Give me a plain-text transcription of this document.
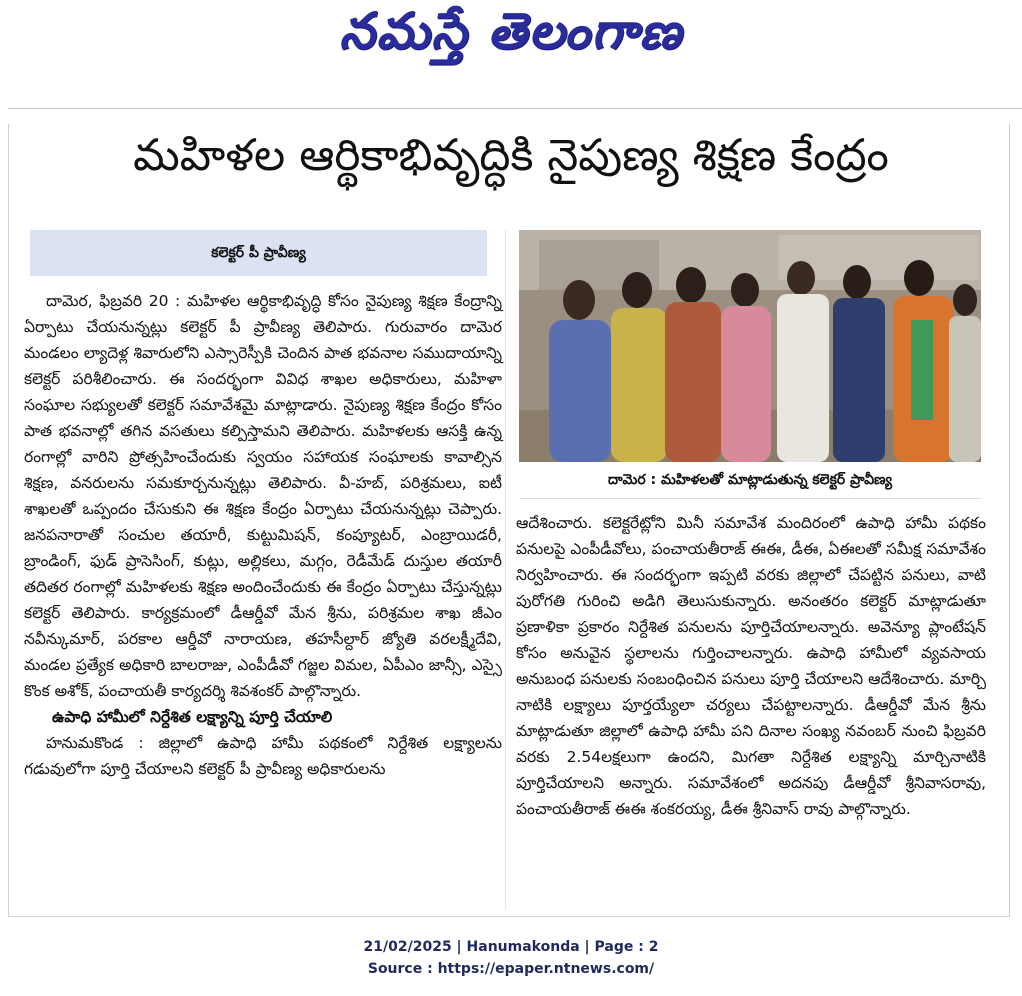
నమస్తే తెలంగాణ
మహిళల ఆర్థికాభివృద్ధికి నైపుణ్య శిక్షణ కేంద్రం
కలెక్టర్ పీ ప్రావీణ్య

దామెర, ఫిబ్రవరి 20 : మహిళల ఆర్థికాభివృద్ధి కోసం నైపుణ్య శిక్షణ కేంద్రాన్ని ఏర్పాటు చేయనున్నట్లు కలెక్టర్ పీ ప్రావీణ్య తెలిపారు. గురువారం దామెర మండలం ల్యాదెళ్ల శివారులోని ఎస్సారెస్పీకి చెందిన పాత భవనాల సముదాయాన్ని కలెక్టర్ పరిశీలించారు. ఈ సందర్భంగా వివిధ శాఖల అధికారులు, మహిళా సంఘాల సభ్యులతో కలెక్టర్ సమావేశమై మాట్లాడారు. నైపుణ్య శిక్షణ కేంద్రం కోసం పాత భవనాల్లో తగిన వసతులు కల్పిస్తామని తెలిపారు. మహిళలకు ఆసక్తి ఉన్న రంగాల్లో వారిని ప్రోత్సహించేందుకు స్వయం సహాయక సంఘాలకు కావాల్సిన శిక్షణ, వనరులను సమకూర్చనున్నట్లు తెలిపారు. వీ-హబ్, పరిశ్రమలు, ఐటీ శాఖలతో ఒప్పందం చేసుకుని ఈ శిక్షణ కేంద్రం ఏర్పాటు చేయనున్నట్లు చెప్పారు. జనపనారాతో సంచుల తయారీ, కుట్టుమిషన్, కంప్యూటర్, ఎంబ్రాయిడరీ, బ్రాండింగ్, ఫుడ్ ప్రాసెసింగ్, కుట్లు, అల్లికలు, మగ్గం, రెడీమేడ్ దుస్తుల తయారీ తదితర రంగాల్లో మహిళలకు శిక్షణ అందించేందుకు ఈ కేంద్రం ఏర్పాటు చేస్తున్నట్లు కలెక్టర్ తెలిపారు. కార్యక్రమంలో డీఆర్డీవో మేన శ్రీను, పరిశ్రమల శాఖ జీఎం నవీన్కుమార్, పరకాల ఆర్డీవో నారాయణ, తహసీల్దార్ జ్యోతి వరలక్ష్మీదేవి, మండల ప్రత్యేక అధికారి బాలరాజు, ఎంపీడీవో గజ్జల విమల, ఏపీఎం జాన్సీ, ఎస్సై కొంక అశోక్, పంచాయతీ కార్యదర్శి శివశంకర్ పాల్గొన్నారు.

ఉపాధి హామీలో నిర్దేశిత లక్ష్యాన్ని పూర్తి చేయాలి

హనుమకొండ : జిల్లాలో ఉపాధి హామీ పథకంలో నిర్దేశిత లక్ష్యాలను గడువులోగా పూర్తి చేయాలని కలెక్టర్ పీ ప్రావీణ్య అధికారులను

దామెర : మహిళలతో మాట్లాడుతున్న కలెక్టర్ ప్రావీణ్య

ఆదేశించారు. కలెక్టరేట్లోని మినీ సమావేశ మందిరంలో ఉపాధి హామీ పథకం పనులపై ఎంపీడీవోలు, పంచాయతీరాజ్ ఈఈ, డీఈ, ఏఈలతో సమీక్ష సమావేశం నిర్వహించారు. ఈ సందర్భంగా ఇప్పటి వరకు జిల్లాలో చేపట్టిన పనులు, వాటి పురోగతి గురించి అడిగి తెలుసుకున్నారు. అనంతరం కలెక్టర్ మాట్లాడుతూ ప్రణాళికా ప్రకారం నిర్దేశిత పనులను పూర్తిచేయాలన్నారు. అవెన్యూ ప్లాంటేషన్ కోసం అనువైన స్థలాలను గుర్తించాలన్నారు. ఉపాధి హామీలో వ్యవసాయ అనుబంధ పనులకు సంబంధించిన పనులు పూర్తి చేయాలని ఆదేశించారు. మార్చి నాటికి లక్ష్యాలు పూర్తయ్యేలా చర్యలు చేపట్టాలన్నారు. డీఆర్డీవో మేన శ్రీను మాట్లాడుతూ జిల్లాలో ఉపాధి హామీ పని దినాల సంఖ్య నవంబర్ నుంచి ఫిబ్రవరి వరకు 2.54లక్షలుగా ఉందని, మిగతా నిర్దేశిత లక్ష్యాన్ని మార్చినాటికి పూర్తిచేయాలని అన్నారు. సమావేశంలో అదనపు డీఆర్డీవో శ్రీనివాసరావు, పంచాయతీరాజ్ ఈఈ శంకరయ్య, డీఈ శ్రీనివాస్ రావు పాల్గొన్నారు.

21/02/2025 | Hanumakonda | Page : 2
Source : https://epaper.ntnews.com/
